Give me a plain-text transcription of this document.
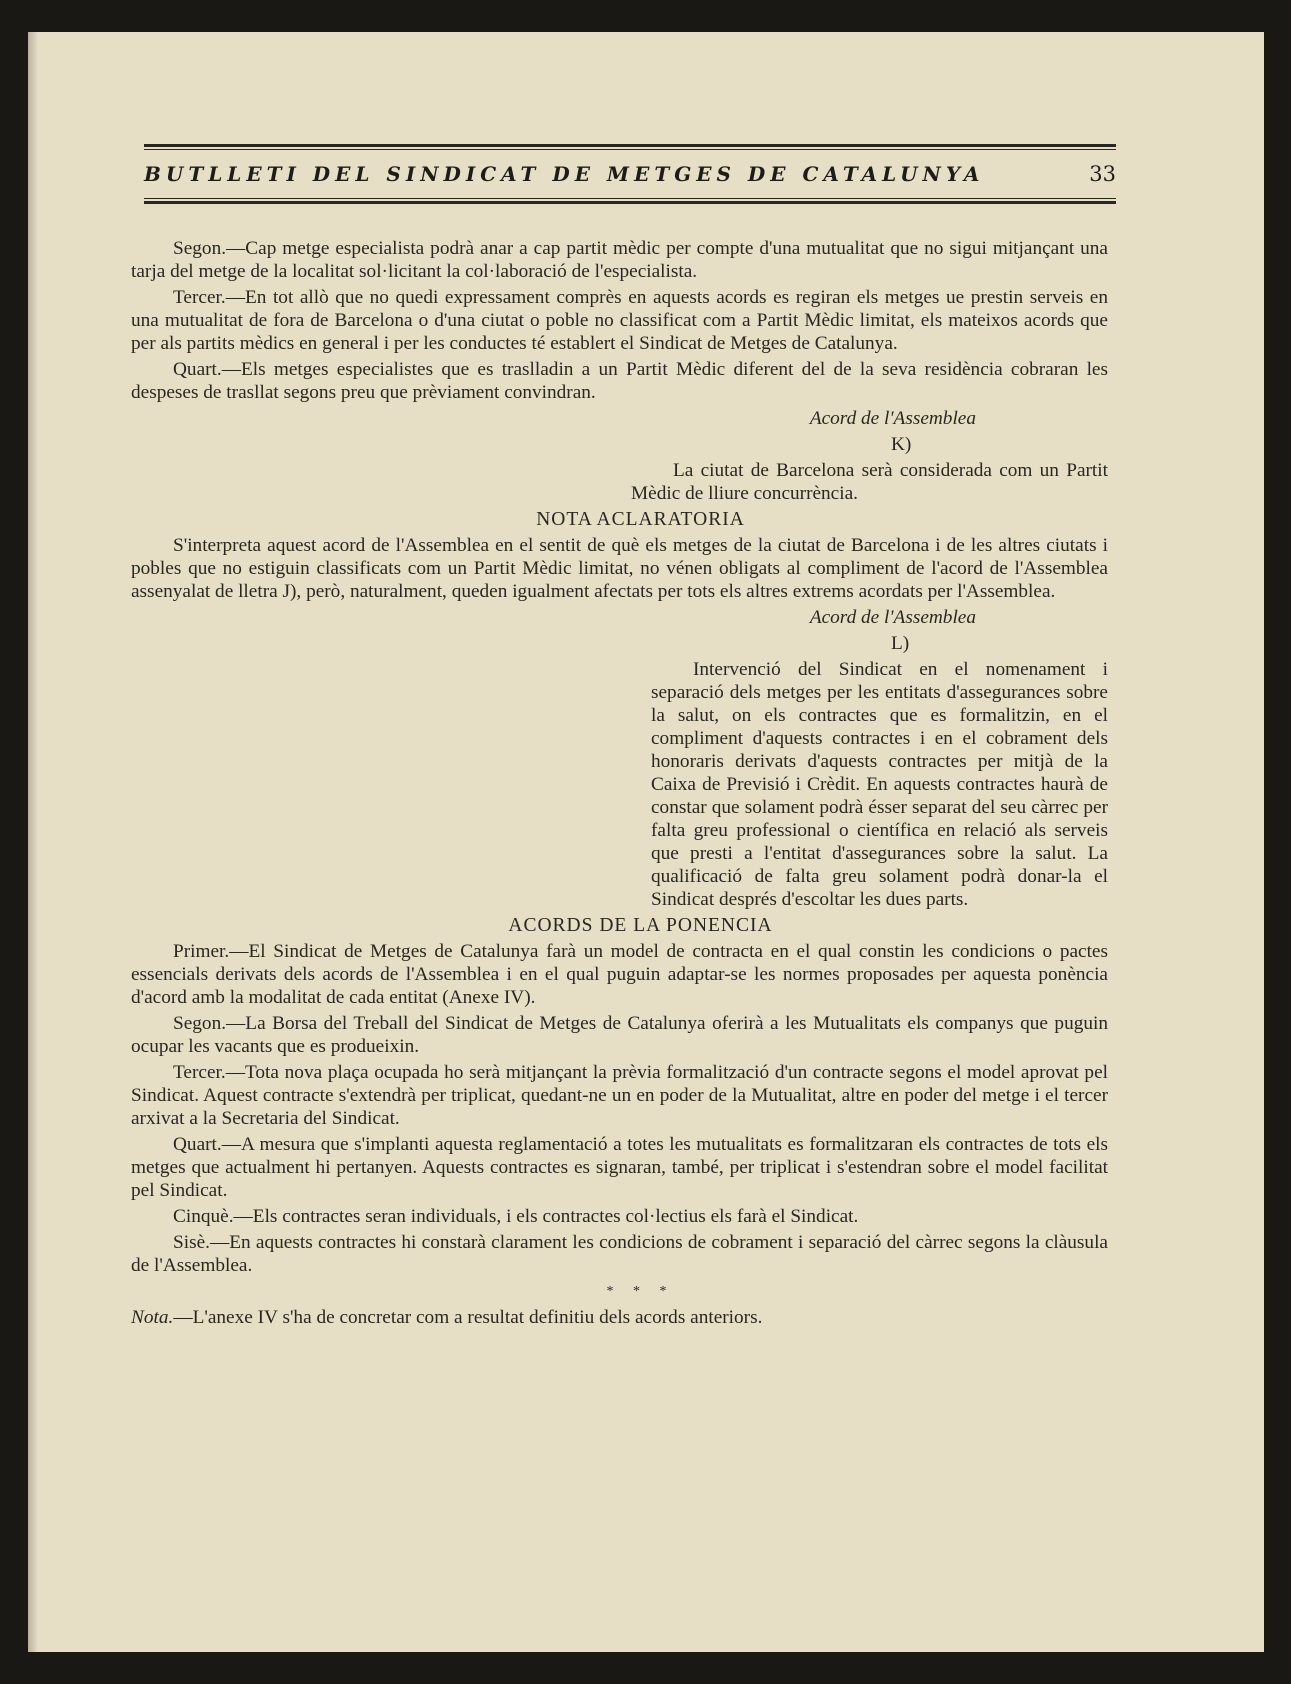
BUTLLETI DEL SINDICAT DE METGES DE CATALUNYA	33

Segon.—Cap metge especialista podrà anar a cap partit mèdic per compte d'una mutualitat que no sigui mitjançant una tarja del metge de la localitat sol·licitant la col·laboració de l'especialista.

Tercer.—En tot allò que no quedi expressament comprès en aquests acords es regiran els metges ue prestin serveis en una mutualitat de fora de Barcelona o d'una ciutat o poble no classificat com a Partit Mèdic limitat, els mateixos acords que per als partits mèdics en general i per les conductes té establert el Sindicat de Metges de Catalunya.

Quart.—Els metges especialistes que es traslladin a un Partit Mèdic diferent del de la seva residència cobraran les despeses de trasllat segons preu que prèviament convindran.

Acord de l'Assemblea

K)

La ciutat de Barcelona serà considerada com un Partit Mèdic de lliure concurrència.

NOTA ACLARATORIA

S'interpreta aquest acord de l'Assemblea en el sentit de què els metges de la ciutat de Barcelona i de les altres ciutats i pobles que no estiguin classificats com un Partit Mèdic limitat, no vénen obligats al compliment de l'acord de l'Assemblea assenyalat de lletra J), però, naturalment, queden igualment afectats per tots els altres extrems acordats per l'Assemblea.

Acord de l'Assemblea

L)

Intervenció del Sindicat en el nomenament i separació dels metges per les entitats d'assegurances sobre la salut, on els contractes que es formalitzin, en el compliment d'aquests contractes i en el cobrament dels honoraris derivats d'aquests contractes per mitjà de la Caixa de Previsió i Crèdit. En aquests contractes haurà de constar que solament podrà ésser separat del seu càrrec per falta greu professional o científica en relació als serveis que presti a l'entitat d'assegurances sobre la salut. La qualificació de falta greu solament podrà donar-la el Sindicat després d'escoltar les dues parts.

ACORDS DE LA PONENCIA

Primer.—El Sindicat de Metges de Catalunya farà un model de contracta en el qual constin les condicions o pactes essencials derivats dels acords de l'Assemblea i en el qual puguin adaptar-se les normes proposades per aquesta ponència d'acord amb la modalitat de cada entitat (Anexe IV).

Segon.—La Borsa del Treball del Sindicat de Metges de Catalunya oferirà a les Mutualitats els companys que puguin ocupar les vacants que es produeixin.

Tercer.—Tota nova plaça ocupada ho serà mitjançant la prèvia formalització d'un contracte segons el model aprovat pel Sindicat. Aquest contracte s'extendrà per triplicat, quedant-ne un en poder de la Mutualitat, altre en poder del metge i el tercer arxivat a la Secretaria del Sindicat.

Quart.—A mesura que s'implanti aquesta reglamentació a totes les mutualitats es formalitzaran els contractes de tots els metges que actualment hi pertanyen. Aquests contractes es signaran, també, per triplicat i s'estendran sobre el model facilitat pel Sindicat.

Cinquè.—Els contractes seran individuals, i els contractes col·lectius els farà el Sindicat.

Sisè.—En aquests contractes hi constarà clarament les condicions de cobrament i separació del càrrec segons la clàusula de l'Assemblea.

* * *

Nota.—L'anexe IV s'ha de concretar com a resultat definitiu dels acords anteriors.
